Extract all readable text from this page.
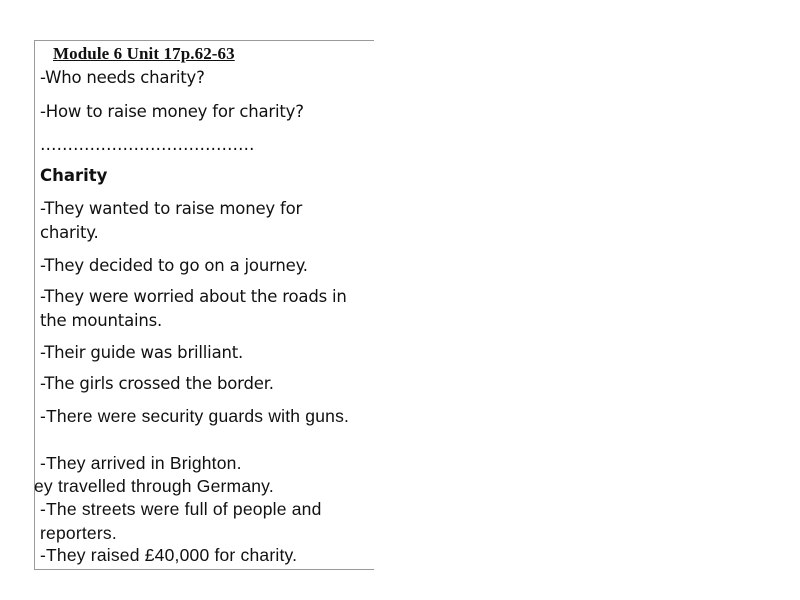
Module 6 Unit 17p.62-63
-Who needs charity?
-How to raise money for charity?
…………………………………
Charity
-They wanted to raise money for charity.
-They decided to go on a journey.
-They were worried about the roads in the mountains.
-Their guide was brilliant.
-The girls crossed the border.
-There were security guards with guns.
-They arrived in Brighton.
ey travelled through Germany.
-The streets were full of people and reporters.
-They raised £40,000 for charity.
